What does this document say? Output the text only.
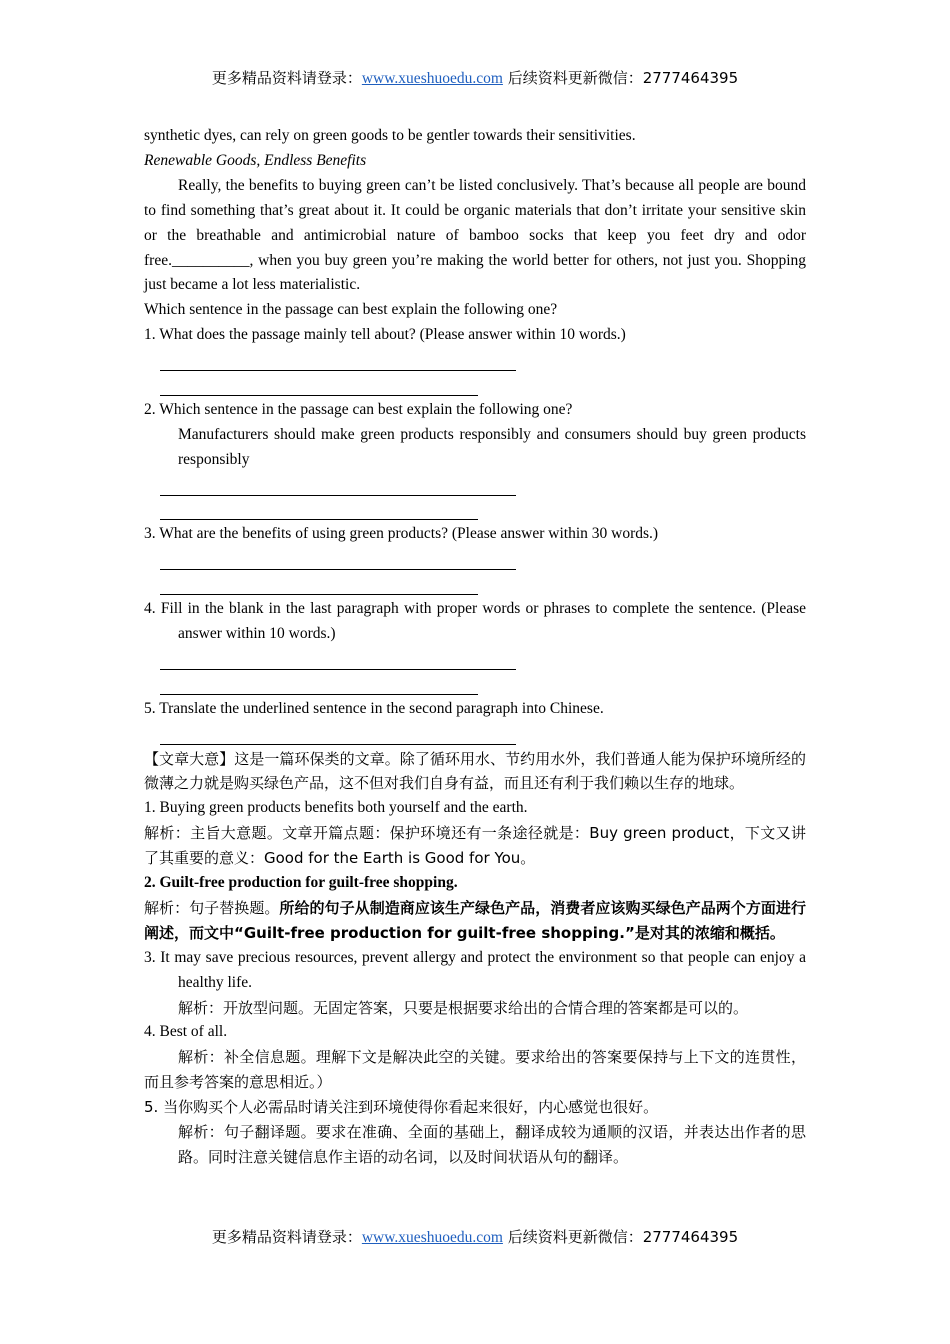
更多精品资料请登录：www.xueshuoedu.com 后续资料更新微信：2777464395

synthetic dyes, can rely on green goods to be gentler towards their sensitivities.

Renewable Goods, Endless Benefits

Really, the benefits to buying green can’t be listed conclusively. That’s because all people are bound to find something that’s great about it. It could be organic materials that don’t irritate your sensitive skin or the breathable and antimicrobial nature of bamboo socks that keep you feet dry and odor free.__________, when you buy green you’re making the world better for others, not just you. Shopping just became a lot less materialistic.

Which sentence in the passage can best explain the following one?

1. What does the passage mainly tell about? (Please answer within 10 words.)

2. Which sentence in the passage can best explain the following one?

Manufacturers should make green products responsibly and consumers should buy green products responsibly

3. What are the benefits of using green products? (Please answer within 30 words.)

4. Fill in the blank in the last paragraph with proper words or phrases to complete the sentence. (Please answer within 10 words.)

5. Translate the underlined sentence in the second paragraph into Chinese.

【文章大意】这是一篇环保类的文章。除了循环用水、节约用水外，我们普通人能为保护环境所经的微薄之力就是购买绿色产品，这不但对我们自身有益，而且还有利于我们赖以生存的地球。

1. Buying green products benefits both yourself and the earth.

解析：主旨大意题。文章开篇点题：保护环境还有一条途径就是：Buy green product，下文又讲了其重要的意义：Good for the Earth is Good for You。

2. Guilt-free production for guilt-free shopping.

解析：句子替换题。所给的句子从制造商应该生产绿色产品，消费者应该购买绿色产品两个方面进行阐述，而文中“Guilt-free production for guilt-free shopping.”是对其的浓缩和概括。

3. It may save precious resources, prevent allergy and protect the environment so that people can enjoy a healthy life.

解析：开放型问题。无固定答案，只要是根据要求给出的合情合理的答案都是可以的。

4. Best of all.

解析：补全信息题。理解下文是解决此空的关键。要求给出的答案要保持与上下文的连贯性，而且参考答案的意思相近。）

5. 当你购买个人必需品时请关注到环境使得你看起来很好，内心感觉也很好。

解析：句子翻译题。要求在准确、全面的基础上，翻译成较为通顺的汉语，并表达出作者的思路。同时注意关键信息作主语的动名词，以及时间状语从句的翻译。

更多精品资料请登录：www.xueshuoedu.com 后续资料更新微信：2777464395
